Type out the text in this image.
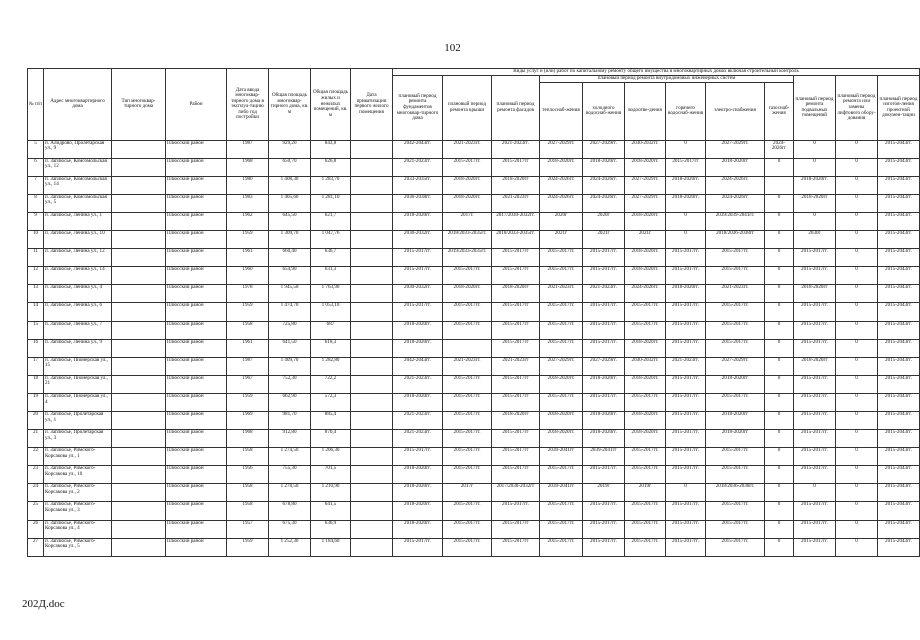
102
№ п/п	Адрес многоквартирного дома	Тип многоквар-тирного дома	Район	Дата ввода многоквар-тирного дома в эксплуа-тацию либо год постройки	Общая площадь многоквар-тирного дома, кв. м	Общая площадь жилых и нежилых помещений, кв. м	Дата приватизации первого жилого помещения	Виды услуг и (или) работ по капитальному ремонту общего имущества в многоквартирных домах включая строительный контроль											
								плановый период ремонта фундаментов многоквар-тирного дома	плановый период ремонта крыши	плановый период ремонта фасадов	плановый период ремонта внутридомовых инженерных систем						плановый период ремонта подвальных помещений	плановый период ремонта или замены лифтового обору-дования	плановый период изготов-ления проектной докумен-тации
											теплоснаб-жения	холодного водоснаб-жения	водоотве-дения	горячего водоснаб-жения	электро-снабжения	газоснаб-жения			
5	п. Алидрово, Пролетарская ул., 9		Плюсский район	1987	929,20	843,8		2042-2043гг.	2021-2023гг.	2021-2023гг.	2027-2029гг.	2027-2029гг.	2030-2032гг.	0	2027-2029гг.	2024-2026гг	0	0	2015-2043гг.
6	п. Заплюсье, Комсомольская ул., 12		Плюсский район	1968	650,70	626,8		2021-2023гг.	2015-2017гг.	2015-2017гг	2018-2020гг.	2018-2020гг.	2018-2020гг.	2015-2017гг	2018-2020гг	0	0	0	2015-2043гг.
7	п. Заплюсье, Комсомольская ул., 14		Плюсский район	1980	1 408,30	1 283,70		2033-2035гг.	2018-2020гг.	2018-2020гг	2024-2026гг.	2024-2026гг.	2027-2029гг.	2018-2020гг.	2024-2026гг.		2018-2020гг.	0	2015-2043гг.
8	п. Заплюсье, Комсомольская ул., 5		Плюсский район	1983	1 405,60	1 281,10		2036-2038гг.	2018-2020гг.	2021-2023гг	2024-2026гг.	2024-2026гг.	2027-2029гг.	2018-2020гг.	2024-2026гг	0	2018-2020гг	0	2015-2043гг.
9	п. Заплюсье, Ленина ул., 1		Плюсский район	1962	645,50	621,7		2018-2020гг.	2017г.	2017/2030-2032гг.	2020г	2020г	2018-2020гг.	0	2039/2039-2041гг.	0	0	0	2015-2043гг.
10	п. Заплюсье, Ленина ул., 10		Плюсский район	1959	1 309,70	1 047,76		2030-2032гг.	2018/2033-2035гг.	2018/2033-2035гг.	2021г	2021г	2021г	0	2018/2036-2038гг	0	2030г	0	2015-2043гг.
11	п. Заплюсье, Ленина ул., 12		Плюсский район	1961	660,40	636,7		2015-2017гг.	2019/2033-2035гг.	2015-2017гг	2015-2017гг.	2015-2017гг.	2018-2020гг.	2015-2017гг.	2015-2017гг.	0	2015-2017гг.	0	2015-2043гг.
12	п. Заплюсье, Ленина ул., 14		Плюсский район	1960	654,90	631,3		2015-2017гг.	2015-2017гг.	2015-2017гг	2015-2017гг.	2015-2017гг.	2018-2020гг.	2015-2017гг.	2015-2017гг.	0	2015-2017гг.	0	2015-2043гг.
13	п. Заплюсье, Ленина ул., 4		Плюсский район	1978	1 945,50	1 763,90		2030-2032гг.	2018-2020гг.	2018-2020гг	2021-2023гг.	2021-2023гг.	2024-2026гг.	2018-2020гг.	2021-2023гг.	0	2018-2020гг	0	2015-2043гг.
14	п. Заплюсье, Ленина ул., 6		Плюсский район	1959	1 474,70	1 053,10		2015-2017гг.	2015-2017гг.	2015-2017гг	2015-2017гг.	2015-2017гг.	2015-2017гг.	2015-2017гг.	2015-2017гг.	0	2015-2017гг.	0	2015-2043гг.
15	п. Заплюсье, Ленина ул., 7		Плюсский район	1958	725,80	687		2018-2020гг.	2015-2017гг.	2015-2017гг	2015-2017гг.	2015-2017гг.	2015-2017гг.	2015-2017гг.	2015-2017гг.	0	2015-2017гг.	0	2015-2043гг.
16	п. Заплюсье, Ленина ул., 9		Плюсский район	1961	641,50	618,3		2018-2020гг.		2015-2017гг	2015-2017гг.	2015-2017гг.	2018-2020гг.	2015-2017гг.	2015-2017гг.	0	2015-2017гг.	0	2015-2043гг.
17	п. Заплюсье, Пионерская ул., 15		Плюсский район	1987	1 409,70	1 282,80		2042-2043гг.	2021-2023гг.	2021-2023гг	2027-2029гг.	2027-2029гг.	2030-2032гг.	2021-2023гг.	2027-2029гг.	0	2018-2020гг	0	2015-2043гг.
18	п. Заплюсье, Пионерская ул., 21		Плюсский район	1967	752,30	722,2		2021-2023гг.	2015-2017гг.	2015-2017гг	2018-2020гг.	2018-2020гг.	2018-2020гг.	2015-2017гг.	2018-2020гг	0	2015-2017гг.	0	2015-2043гг.
19	п. Заплюсье, Пионерская ул., 4		Плюсский район	1959	662,90	572,3		2018-2020гг.	2015-2017гг.	2015-2017гг	2015-2017гг.	2015-2017гг.	2015-2017гг.	2015-2017гг.	2015-2017гг.	0	2015-2017гг.	0	2015-2043гг.
20	п. Заплюсье, Пролетарская ул., 1		Плюсский район	1969	981,70	885,4		2021-2023гг.	2015-2017гг.	2018-2020гг	2018-2020гг.	2018-2020гг.	2018-2020гг.	2015-2017гг.	2018-2020гг	0	2015-2017гг.	0	2015-2043гг.
21	п. Заплюсье, Пролетарская ул., 3		Плюсский район	1968	912,80	870,4		2021-2023гг.	2015-2017гг.	2015-2017гг	2018-2020гг.	2018-2020гг.	2018-2020гг.	2015-2017гг.	2018-2020гг	0	2015-2017гг.	0	2015-2043гг.
22	п. Заплюсье, Римского-Корсакова ул., 1		Плюсский район	1958	1 274,50	1 206,30		2015-2017гг.	2015-2017гг.	2015-2017гг	2039-2041гг	2039-2041гг	2015-2017гг.	2015-2017гг.	2015-2017гг.	0	2015-2017гг.	0	2015-2043гг.
23	п. Заплюсье, Римского-Корсакова ул., 10		Плюсский район	1956	755,30	701,5		2018-2020гг.	2015-2017гг.	2015-2017гг	2015-2017гг.	2015-2017гг.	2015-2017гг.	2015-2017гг.	2015-2017гг.	0	2015-2017гг.	0	2015-2043гг.
24	п. Заплюсье, Римского-Корсакова ул., 2		Плюсский район	1958	1 278,50	1 210,90		2018-2020гг.	2017г	2017/2030-2032гг	2039-2041гг	2019г	2019г	0	2018/2036-2038гг.	0	0	0	2015-2043гг.
25	п. Заплюсье, Римского-Корсакова ул., 3		Плюсский район	1958	678,80	641,5		2018-2020гг.	2015-2017гг.	2015-2017гг.	2015-2017гг.	2015-2017гг.	2015-2017гг.	2015-2017гг.	2015-2017гг.	0	2015-2017гг.	0	2015-2043гг.
26	п. Заплюсье, Римского-Корсакова ул., 4		Плюсский район	1957	675,30	636,9		2018-2020гг.	2015-2017гг.	2015-2017гг	2015-2017гг.	2015-2017гг.	2015-2017гг.	2015-2017гг.	2015-2017гг.	0	2015-2017гг.	0	2015-2043гг.
27	п. Заплюсье, Римского-Корсакова ул., 5		Плюсский район	1959	1 252,30	1 184,60		2015-2017гг.	2015-2017гг.	2015-2017гг	2015-2017гг.	2015-2017гг.	2015-2017гг.	2015-2017гг.	2015-2017гг.	0	2015-2017гг.	0	2015-2043гг.
202Д.doc
